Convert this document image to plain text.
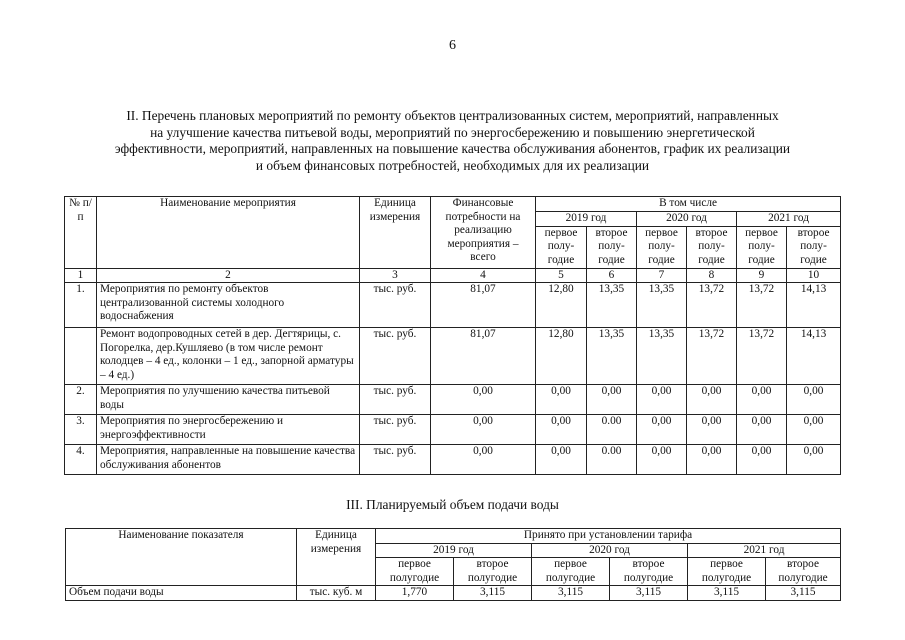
6
II. Перечень плановых мероприятий по ремонту объектов централизованных систем, мероприятий, направленных
на улучшение качества питьевой воды, мероприятий по энергосбережению и повышению энергетической
эффективности, мероприятий, направленных на повышение качества обслуживания абонентов, график их реализации
и объем финансовых потребностей, необходимых для их реализации
№ п/п	Наименование мероприятия	Единица измерения	Финансовые потребности на реализацию мероприятия – всего	В том числе					
				2019 год		2020 год		2021 год	
				первое полу-годие	второе полу-годие	первое полу-годие	второе полу-годие	первое полу-годие	второе полу-годие

1	2	3	4	5	6	7	8	9	10
1.	Мероприятия по ремонту объектов централизованной системы холодного водоснабжения	тыс. руб.	81,07	12,80	13,35	13,35	13,72	13,72	14,13
	Ремонт водопроводных сетей в дер. Дегтярицы, с. Погорелка, дер.Кушляево (в том числе ремонт колодцев – 4 ед., колонки – 1 ед., запорной арматуры – 4 ед.)	тыс. руб.	81,07	12,80	13,35	13,35	13,72	13,72	14,13
2.	Мероприятия по улучшению качества питьевой воды	тыс. руб.	0,00	0,00	0,00	0,00	0,00	0,00	0,00
3.	Мероприятия по энергосбережению и энергоэффективности	тыс. руб.	0,00	0,00	0.00	0,00	0,00	0,00	0,00
4.	Мероприятия, направленные на повышение качества обслуживания абонентов	тыс. руб.	0,00	0,00	0.00	0,00	0,00	0,00	0,00
III. Планируемый объем подачи воды
Наименование показателя	Единица измерения	Принято при установлении тарифа					
		2019 год		2020 год		2021 год	
		первое полугодие	второе полугодие	первое полугодие	второе полугодие	первое полугодие	второе полугодие
Объем подачи воды	тыс. куб. м	1,770	3,115	3,115	3,115	3,115	3,115
